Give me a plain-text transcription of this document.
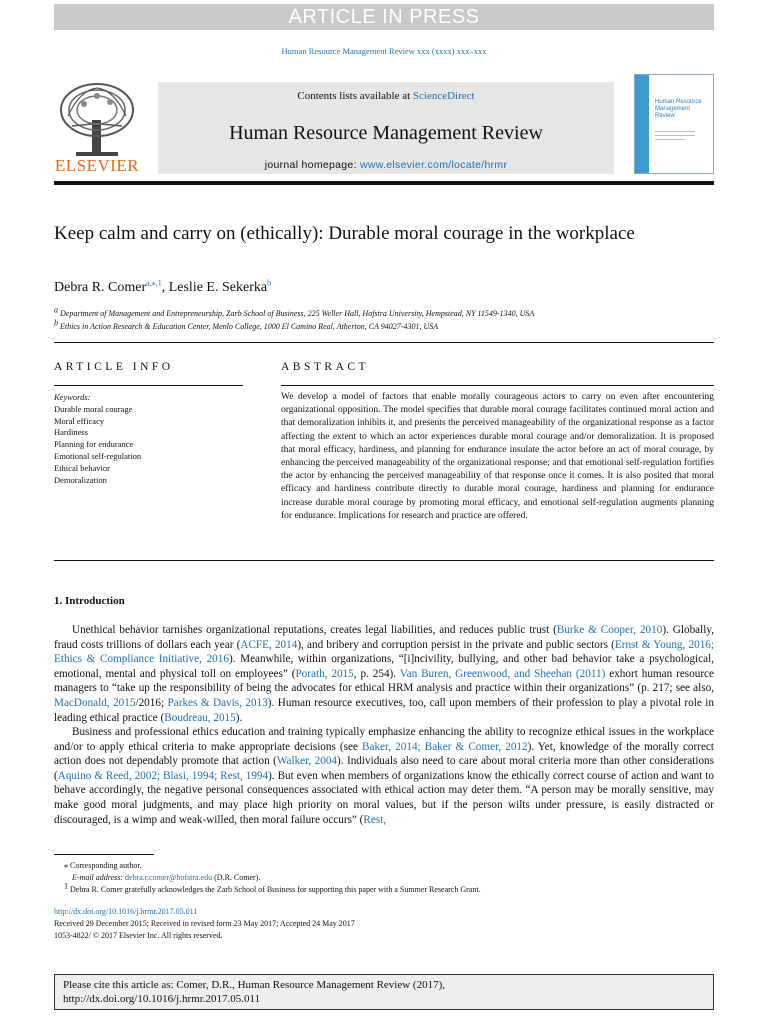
ARTICLE IN PRESS
Human Resource Management Review xxx (xxxx) xxx–xxx
ELSEVIER
Contents lists available at ScienceDirect
Human Resource Management Review
journal homepage: www.elsevier.com/locate/hrmr
Human Resource Management Review
Keep calm and carry on (ethically): Durable moral courage in the workplace
Debra R. Comer$^{a,⁎,1}$, Leslie E. Sekerka$^b$
$^a$ Department of Management and Entrepreneurship, Zarb School of Business, 225 Weller Hall, Hofstra University, Hempstead, NY 11549-1340, USA
$^b$ Ethics in Action Research & Education Center, Menlo College, 1000 El Camino Real, Atherton, CA 94027-4301, USA
ARTICLE INFO	ABSTRACT
Keywords:
Durable moral courage
Moral efficacy
Hardiness
Planning for endurance
Emotional self-regulation
Ethical behavior
Demoralization

We develop a model of factors that enable morally courageous actors to carry on even after encountering organizational opposition. The model specifies that durable moral courage facilitates continued moral action and that demoralization inhibits it, and presents the perceived manageability of the organizational response as a factor affecting the extent to which an actor experiences durable moral courage and/or demoralization. It is proposed that moral efficacy, hardiness, and planning for endurance insulate the actor before an act of moral courage, by enhancing the perceived manageability of the organizational response; and that emotional self-regulation fortifies the actor by enhancing the perceived manageability of that response once it comes. It is also posited that moral efficacy and hardiness contribute directly to durable moral courage, hardiness and planning for endurance increase durable moral courage by promoting moral efficacy, and emotional self-regulation augments planning for endurance. Implications for research and practice are offered.

1. Introduction

Unethical behavior tarnishes organizational reputations, creates legal liabilities, and reduces public trust (Burke & Cooper, 2010). Globally, fraud costs trillions of dollars each year (ACFE, 2014), and bribery and corruption persist in the private and public sectors (Ernst & Young, 2016; Ethics & Compliance Initiative, 2016). Meanwhile, within organizations, “[i]ncivility, bullying, and other bad behavior take a psychological, emotional, mental and physical toll on employees” (Porath, 2015, p. 254). Van Buren, Greenwood, and Sheehan (2011) exhort human resource managers to “take up the responsibility of being the advocates for ethical HRM analysis and practice within their organizations” (p. 217; see also, MacDonald, 2015/2016; Parkes & Davis, 2013). Human resource executives, too, call upon members of their profession to play a pivotal role in leading ethical practice (Boudreau, 2015).

Business and professional ethics education and training typically emphasize enhancing the ability to recognize ethical issues in the workplace and/or to apply ethical criteria to make appropriate decisions (see Baker, 2014; Baker & Comer, 2012). Yet, knowledge of the morally correct action does not dependably promote that action (Walker, 2004). Individuals also need to care about moral criteria more than other considerations (Aquino & Reed, 2002; Blasi, 1994; Rest, 1994). But even when members of organizations know the ethically correct course of action and want to behave accordingly, the negative personal consequences associated with ethical action may deter them. “A person may be morally sensitive, may make good moral judgments, and may place high priority on moral values, but if the person wilts under pressure, is easily distracted or discouraged, is a wimp and weak-willed, then moral failure occurs” (Rest,

⁎ Corresponding author.
E-mail address: debra.r.comer@hofstra.edu (D.R. Comer).
$^1$ Debra R. Comer gratefully acknowledges the Zarb School of Business for supporting this paper with a Summer Research Grant.
http://dx.doi.org/10.1016/j.hrmr.2017.05.011
Received 29 December 2015; Received in revised form 23 May 2017; Accepted 24 May 2017
1053-4822/ © 2017 Elsevier Inc. All rights reserved.
Please cite this article as: Comer, D.R., Human Resource Management Review (2017),
http://dx.doi.org/10.1016/j.hrmr.2017.05.011
